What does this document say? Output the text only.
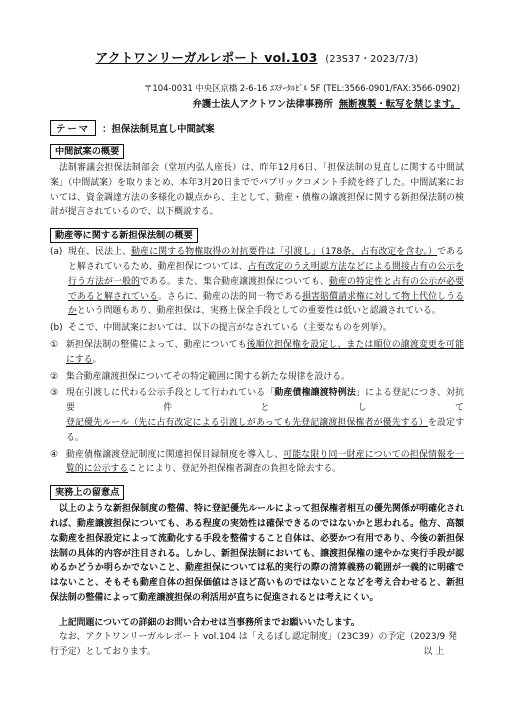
アクトワンリーガルレポート vol.103 (23S37・2023/7/3)
〒104-0031 中央区京橋 2-6-16 ｴｽﾃｰﾀﾙﾋﾞﾙ 5F (TEL:3566-0901/FAX:3566-0902)
弁護士法人アクトワン法律事務所 無断複製・転写を禁じます。
テーマ	：担保法制見直し中間試案
中間試案の概要

法制審議会担保法制部会（堂垣内弘人座長）は、昨年12月6日、「担保法制の見直しに関する中間試案」（中間試案）を取りまとめ、本年3月20日まででパブリックコメント手続を終了した。中間試案においては、資金調達方法の多様化の観点から、主として、動産・債権の譲渡担保に関する新担保法制の検討が提言されているので、以下概説する。

動産等に関する新担保法制の概要
(a) 現在、民法上、動産に関する物権取得の対抗要件は「引渡し」（178条、占有改定を含む。）であると解されているため、動産担保については、占有改定のうえ明認方法などによる間接占有の公示を行う方法が一般的である。また、集合動産譲渡担保についても、動産の特定性と占有の公示が必要であると解されている。さらに、動産の法的同一物である損害賠償請求権に対して物上代位しうるかという問題もあり、動産担保は、実務上保全手段としての重要性は低いと認識されている。
(b) そこで、中間試案においては、以下の提言がなされている（主要なものを列挙）。
① 新担保法制の整備によって、動産についても後順位担保権を設定し、または順位の譲渡変更を可能にする。
② 集合動産譲渡担保についてその特定範囲に関する新たな規律を設ける。
③ 現在引渡しに代わる公示手段として行われている「動産債権譲渡特例法」による登記につき、対抗要件として登記優先ルール（先に占有改定による引渡しがあっても先登記譲渡担保権者が優先する）を設定する。
④ 動産債権譲渡登記制度に関連担保目録制度を導入し、可能な限り同一財産についての担保情報を一覧的に公示することにより、登記外担保権者調査の負担を除去する。
実務上の留意点

以上のような新担保制度の整備、特に登記優先ルールによって担保権者相互の優先関係が明確化されれば、動産譲渡担保についても、ある程度の実効性は確保できるのではないかと思われる。他方、高額な動産を担保設定によって流動化する手段を整備すること自体は、必要かつ有用であり、今後の新担保法制の具体的内容が注目される。しかし、新担保法制においても、譲渡担保権の速やかな実行手段が認めるかどうか明らかでないこと、動産担保については私的実行の際の清算義務の範囲が一義的に明確ではないこと、そもそも動産自体の担保価値はさほど高いものではないことなどを考え合わせると、新担保法制の整備によって動産譲渡担保の利活用が直ちに促進されるとは考えにくい。

上記問題についての詳細のお問い合わせは当事務所までお願いいたします。
なお、アクトワンリーガルレポート vol.104 は「えるぼし認定制度」（23C39）の予定（2023/9 発行予定）としております。	以 上
